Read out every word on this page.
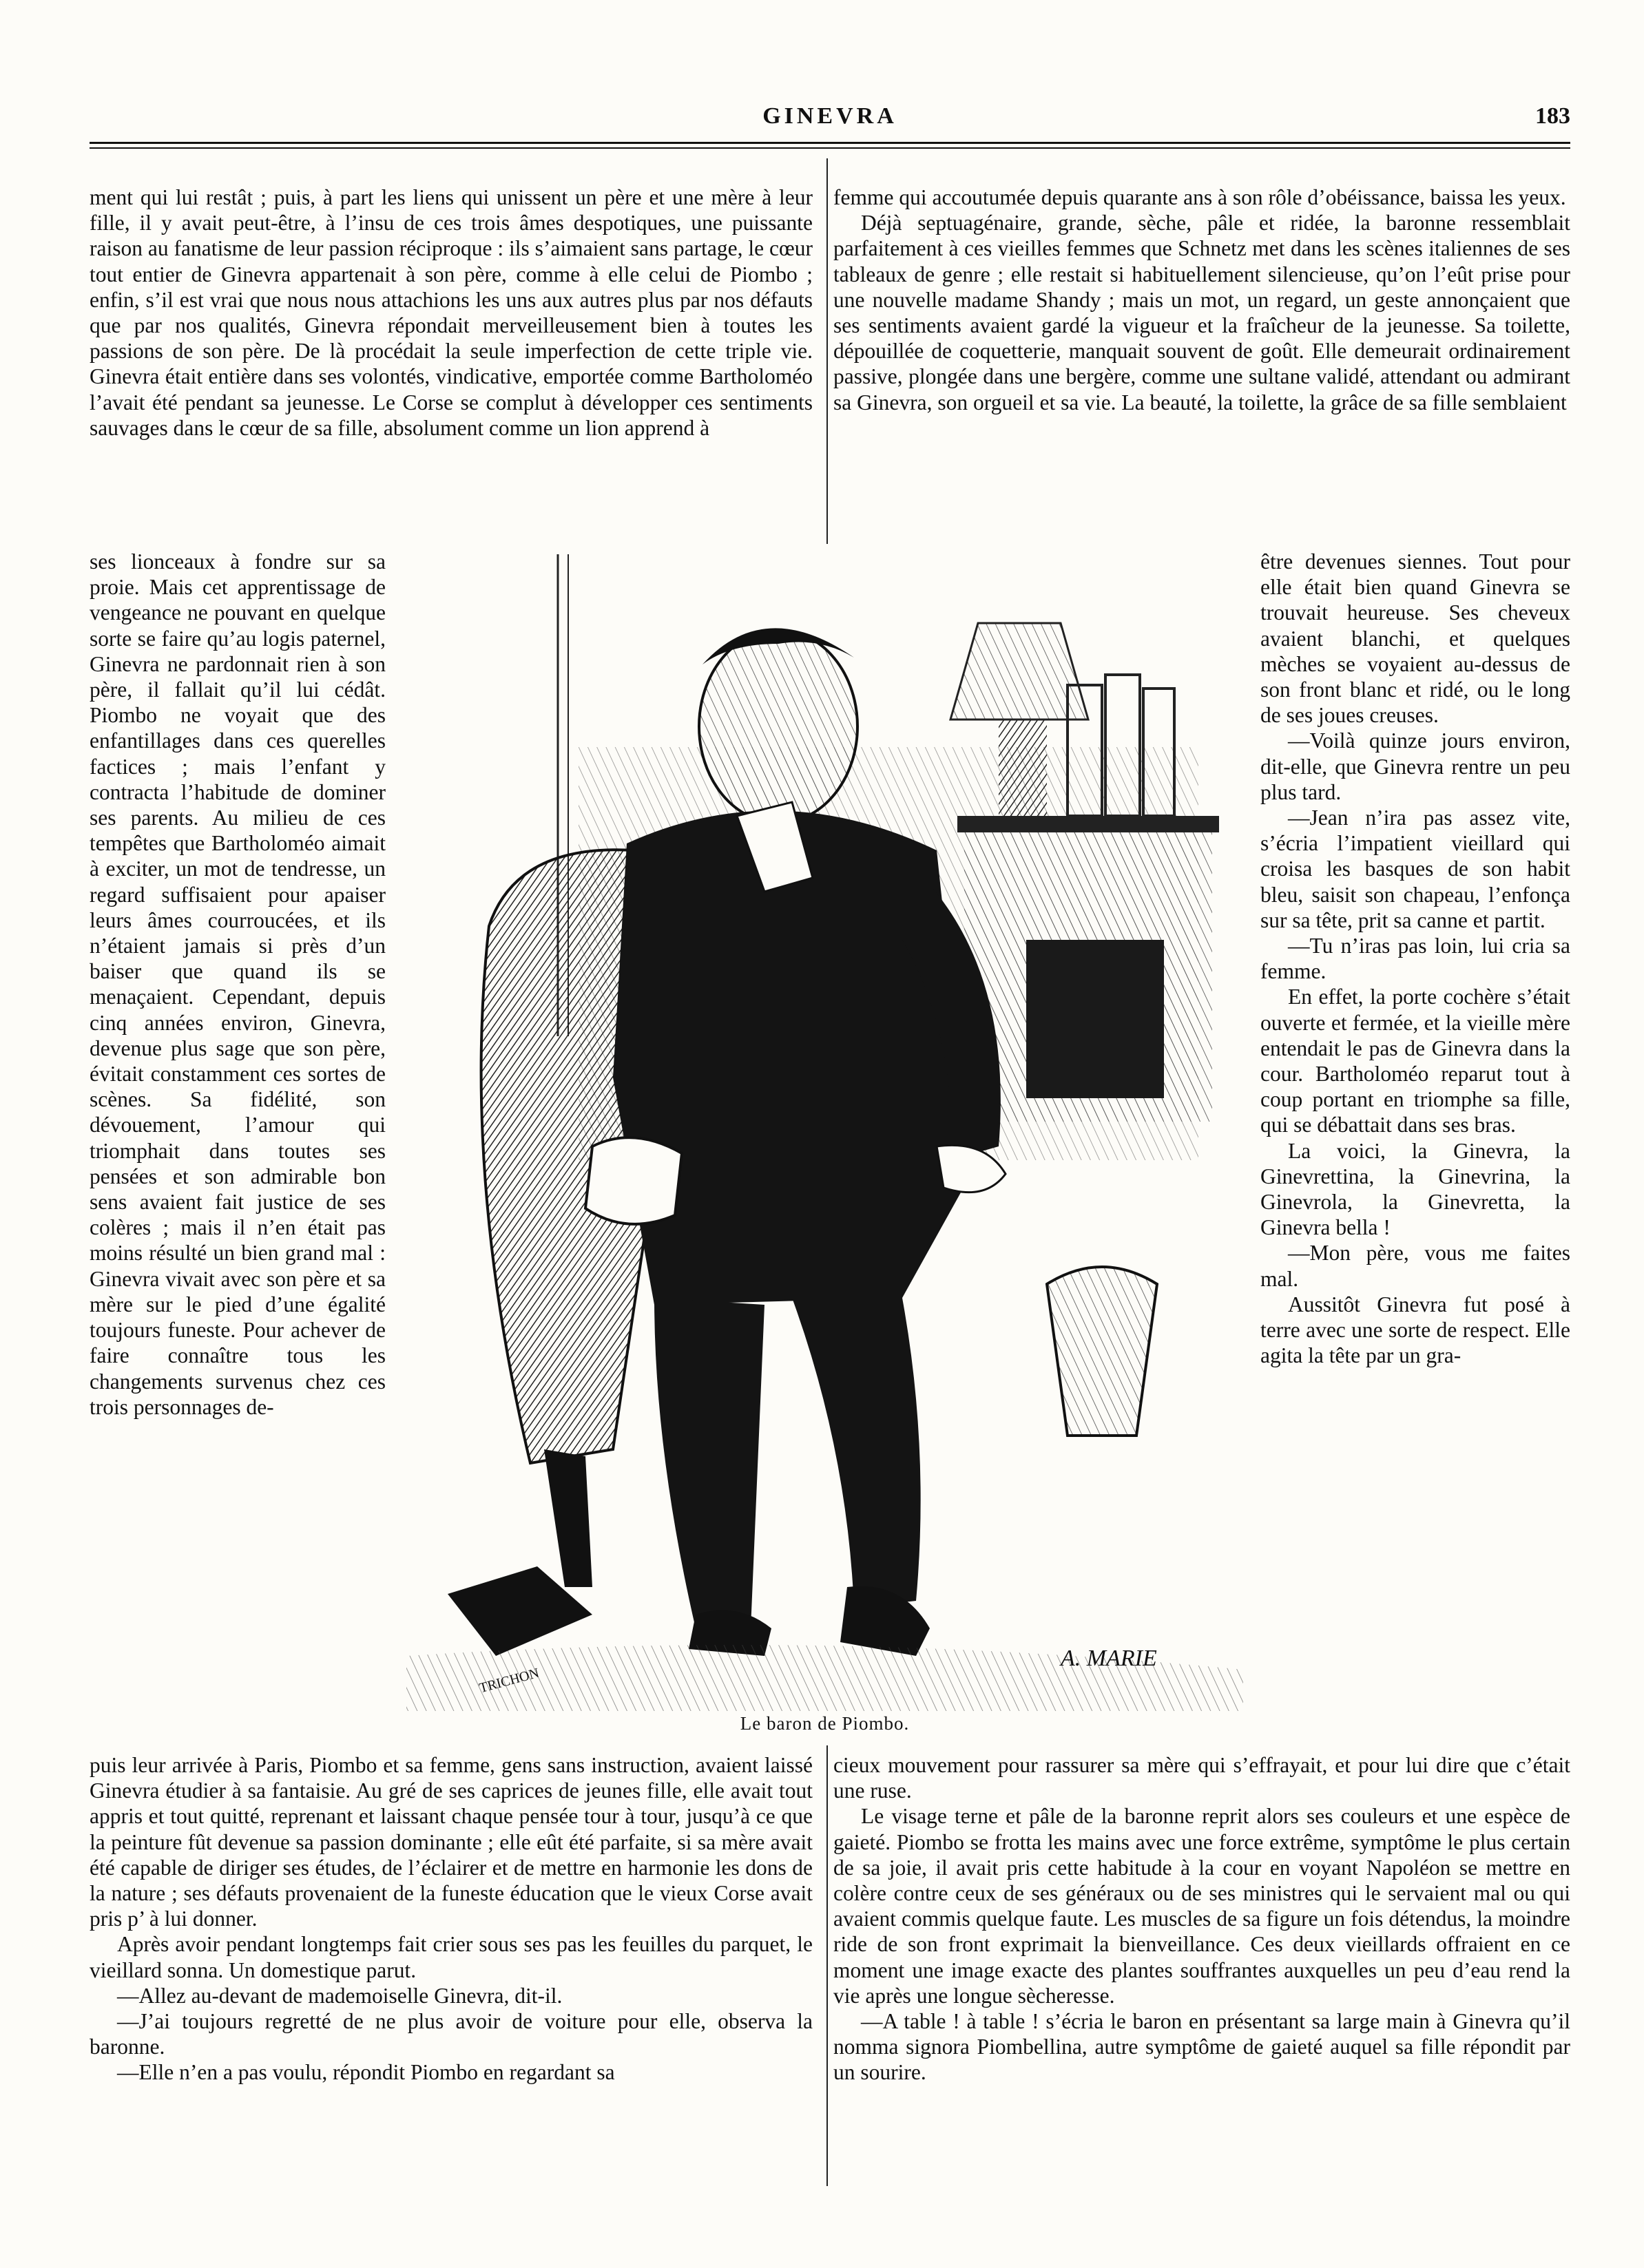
GINEVRA	183

ment qui lui restât ; puis, à part les liens qui unissent un père et une mère à leur fille, il y avait peut-être, à l’insu de ces trois âmes despotiques, une puissante raison au fanatisme de leur passion réciproque : ils s’aimaient sans partage, le cœur tout entier de Ginevra appartenait à son père, comme à elle celui de Piombo ; enfin, s’il est vrai que nous nous attachions les uns aux autres plus par nos défauts que par nos qualités, Ginevra répondait merveilleusement bien à toutes les passions de son père. De là procédait la seule imperfection de cette triple vie. Ginevra était entière dans ses volontés, vindicative, emportée comme Bartholoméo l’avait été pendant sa jeunesse. Le Corse se complut à développer ces sentiments sauvages dans le cœur de sa fille, absolument comme un lion apprend à

ses lionceaux à fondre sur sa proie. Mais cet apprentissage de vengeance ne pouvant en quelque sorte se faire qu’au logis paternel, Ginevra ne pardonnait rien à son père, il fallait qu’il lui cédât. Piombo ne voyait que des enfantillages dans ces querelles factices ; mais l’enfant y contracta l’habitude de dominer ses parents. Au milieu de ces tempêtes que Bartholoméo aimait à exciter, un mot de tendresse, un regard suffisaient pour apaiser leurs âmes courroucées, et ils n’étaient jamais si près d’un baiser que quand ils se menaçaient. Cependant, depuis cinq années environ, Ginevra, devenue plus sage que son père, évitait constamment ces sortes de scènes. Sa fidélité, son dévouement, l’amour qui triomphait dans toutes ses pensées et son admirable bon sens avaient fait justice de ses colères ; mais il n’en était pas moins résulté un bien grand mal : Ginevra vivait avec son père et sa mère sur le pied d’une égalité toujours funeste. Pour achever de faire connaître tous les changements survenus chez ces trois personnages de-

femme qui accoutumée depuis quarante ans à son rôle d’obéissance, baissa les yeux.

Déjà septuagénaire, grande, sèche, pâle et ridée, la baronne ressemblait parfaitement à ces vieilles femmes que Schnetz met dans les scènes italiennes de ses tableaux de genre ; elle restait si habituellement silencieuse, qu’on l’eût prise pour une nouvelle madame Shandy ; mais un mot, un regard, un geste annonçaient que ses sentiments avaient gardé la vigueur et la fraîcheur de la jeunesse. Sa toilette, dépouillée de coquetterie, manquait souvent de goût. Elle demeurait ordinairement passive, plongée dans une bergère, comme une sultane validé, attendant ou admirant sa Ginevra, son orgueil et sa vie. La beauté, la toilette, la grâce de sa fille semblaient

être devenues siennes. Tout pour elle était bien quand Ginevra se trouvait heureuse. Ses cheveux avaient blanchi, et quelques mèches se voyaient au-dessus de son front blanc et ridé, ou le long de ses joues creuses.

—Voilà quinze jours environ, dit-elle, que Ginevra rentre un peu plus tard.

—Jean n’ira pas assez vite, s’écria l’impatient vieillard qui croisa les basques de son habit bleu, saisit son chapeau, l’enfonça sur sa tête, prit sa canne et partit.

—Tu n’iras pas loin, lui cria sa femme.

En effet, la porte cochère s’était ouverte et fermée, et la vieille mère entendait le pas de Ginevra dans la cour. Bartholoméo reparut tout à coup portant en triomphe sa fille, qui se débattait dans ses bras.

La voici, la Ginevra, la Ginevrettina, la Ginevrina, la Ginevrola, la Ginevretta, la Ginevra bella !

—Mon père, vous me faites mal.

Aussitôt Ginevra fut posé à terre avec une sorte de respect. Elle agita la tête par un gra-

TRICHON
A. MARIE
Le baron de Piombo.

puis leur arrivée à Paris, Piombo et sa femme, gens sans instruction, avaient laissé Ginevra étudier à sa fantaisie. Au gré de ses caprices de jeunes fille, elle avait tout appris et tout quitté, reprenant et laissant chaque pensée tour à tour, jusqu’à ce que la peinture fût devenue sa passion dominante ; elle eût été parfaite, si sa mère avait été capable de diriger ses études, de l’éclairer et de mettre en harmonie les dons de la nature ; ses défauts provenaient de la funeste éducation que le vieux Corse avait pris p’ à lui donner.

Après avoir pendant longtemps fait crier sous ses pas les feuilles du parquet, le vieillard sonna. Un domestique parut.

—Allez au-devant de mademoiselle Ginevra, dit-il.

—J’ai toujours regretté de ne plus avoir de voiture pour elle, observa la baronne.

—Elle n’en a pas voulu, répondit Piombo en regardant sa

cieux mouvement pour rassurer sa mère qui s’effrayait, et pour lui dire que c’était une ruse.

Le visage terne et pâle de la baronne reprit alors ses couleurs et une espèce de gaieté. Piombo se frotta les mains avec une force extrême, symptôme le plus certain de sa joie, il avait pris cette habitude à la cour en voyant Napoléon se mettre en colère contre ceux de ses généraux ou de ses ministres qui le servaient mal ou qui avaient commis quelque faute. Les muscles de sa figure un fois détendus, la moindre ride de son front exprimait la bienveillance. Ces deux vieillards offraient en ce moment une image exacte des plantes souffrantes auxquelles un peu d’eau rend la vie après une longue sècheresse.

—A table ! à table ! s’écria le baron en présentant sa large main à Ginevra qu’il nomma signora Piombellina, autre symptôme de gaieté auquel sa fille répondit par un sourire.
